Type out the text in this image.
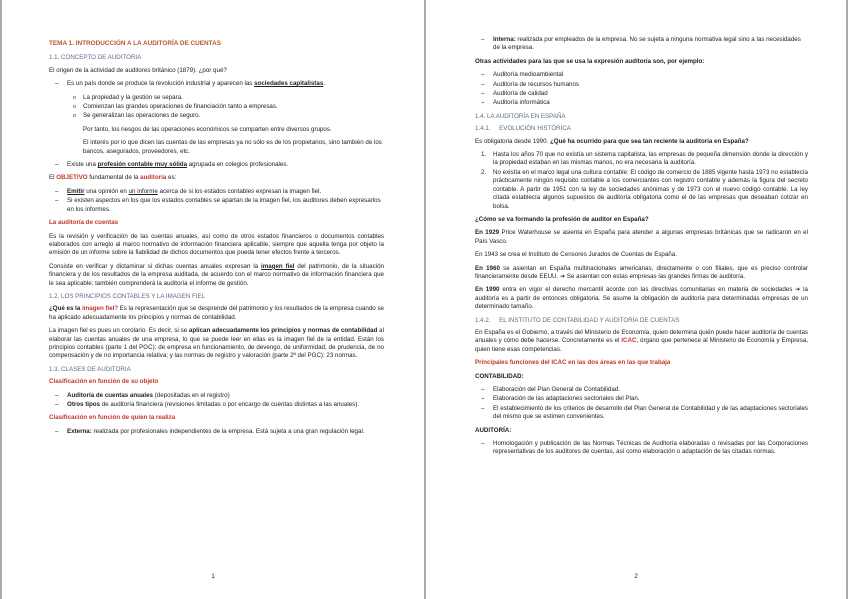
TEMA 1. INTRODUCCIÓN A LA AUDITORÍA DE CUENTAS
1.1. CONCEPTO DE AUDITORIA

El origen de la actividad de auditores británico (1879). ¿por qué?

– Es un país donde se produce la revolución industrial y aparecen las sociedades capitalistas.
o La propiedad y la gestión se separa.
o Comienzan las grandes operaciones de financiación tanto a empresas.
o Se generalizan las operaciones de seguro.

Por tanto, los riesgos de las operaciones económicos se comparten entre diversos grupos.

El interés por lo que dicen las cuentas de las empresas ya no sólo es de los propietarios, sino también de los bancos, asegurados, proveedores, etc.

– Existe una profesión contable muy sólida agrupada en colegios profesionales.

El OBJETIVO fundamental de la auditoría es:

– Emitir una opinión en un informe acerca de si los estados contables expresan la imagen fiel.
– Si existen aspectos en los que los estados contables se apartan de la imagen fiel, los auditores deben expresarlos en los informes.

La auditoría de cuentas

Es la revisión y verificación de las cuentas anuales, así como de otros estados financieros o documentos contables elaborados con arreglo al marco normativo de información financiera aplicable, siempre que aquella tenga por objeto la emisión de un informe sobre la fiabilidad de dichos documentos que pueda tener efectos frente a terceros.

Consiste en verificar y dictaminar si dichas cuentas anuales expresan la imagen fiel del patrimonio, de la situación financiera y de los resultados de la empresa auditada, de acuerdo con el marco normativo de información financiera que le sea aplicable; también comprenderá la auditoría el informe de gestión.

1.2. LOS PRINCIPIOS CONTABLES Y LA IMAGEN FIEL

¿Qué es la imagen fiel? Es la representación que se desprende del patrimonio y los resultados de la empresa cuando se ha aplicado adecuadamente los principios y normas de contabilidad.

La imagen fiel es pues un corolario. Es decir, si se aplican adecuadamente los principios y normas de contabilidad al elaborar las cuentas anuales de una empresa, lo que se puede leer en ellas es la imagen fiel de la entidad. Están los principios contables (parte 1 del PGC): de empresa en funcionamiento, de devengo, de uniformidad, de prudencia, de no compensación y de no importancia relativa; y las normas de registro y valoración (parte 2ª del PGC): 23 normas.

1.3. CLASES DE AUDITORIA

Clasificación en función de su objeto

– Auditoría de cuentas anuales (depositadas en el registro)
– Otros tipos de auditoría financiera (revisiones limitadas o por encargo de cuentas distintas a las anuales).

Clasificación en función de quien la realiza

– Externa: realizada por profesionales independientes de la empresa. Está sujeta a una gran regulación legal.
1
– Interna: realizada por empleados de la empresa. No se sujeta a ninguna normativa legal sino a las necesidades de la empresa.

Otras actividades para las que se usa la expresión auditoría son, por ejemplo:

– Auditoría medioambiental
– Auditoría de recursos humanos
– Auditoría de calidad
– Auditoría informática
1.4. LA AUDITORÍA EN ESPAÑA
1.4.1.     EVOLUCIÓN HISTÓRICA

Es obligatoria desde 1990. ¿Qué ha ocurrido para que sea tan reciente la auditoría en España?

1. Hasta los años 70 que no existía un sistema capitalista, las empresas de pequeña dimensión donde la dirección y la propiedad estaban en las mismas manos, no era necesaria la auditoría.
2. No existía en el marco legal una cultura contable: El código de comercio de 1885 vigente hasta 1973 no establecía prácticamente ningún requisito contable a los comerciantes con registro contable y además la figura del secreto contable. A partir de 1951 con la ley de sociedades anónimas y de 1973 con el nuevo código contable. La ley citada establecía algunos supuestos de auditoría obligatoria como el de las empresas que deseaban cotizar en bolsa.

¿Cómo se va formando la profesión de auditor en España?

En 1929 Price Waterhouse se asienta en España para atender a algunas empresas británicas que se radicaron en el País Vasco.

En 1943 se crea el Instituto de Censores Jurados de Cuentas de España.

En 1960 se asientan en España multinacionales americanas, directamente o con filiales, que es preciso controlar financieramente desde EEUU. ➔ Se asientan con estas empresas las grandes firmas de auditoría.

En 1990 entra en vigor el derecho mercantil acorde con las directivas comunitarias en materia de sociedades ➔ la auditoría es a partir de entonces obligatoria. Se asume la obligación de auditoría para determinadas empresas de un determinado tamaño.

1.4.2.     EL INSTITUTO DE CONTABILIDAD Y AUDITORÍA DE CUENTAS

En España es el Gobierno, a través del Ministerio de Economía, quien determina quién puede hacer auditoría de cuentas anuales y cómo debe hacerse. Concretamente es el ICAC, órgano que pertenece al Ministerio de Economía y Empresa, quien tiene esas competencias.

Principales funciones del ICAC en las dos áreas en las que trabaja

CONTABILIDAD:

– Elaboración del Plan General de Contabilidad.
– Elaboración de las adaptaciones sectoriales del Plan.
– El establecimiento de los criterios de desarrollo del Plan General de Contabilidad y de las adaptaciones sectoriales del mismo que se estimen convenientes.

AUDITORÍA:

– Homologación y publicación de las Normas Técnicas de Auditoría elaboradas o revisadas por las Corporaciones representativas de los auditores de cuentas, así como elaboración o adaptación de las citadas normas.
2
